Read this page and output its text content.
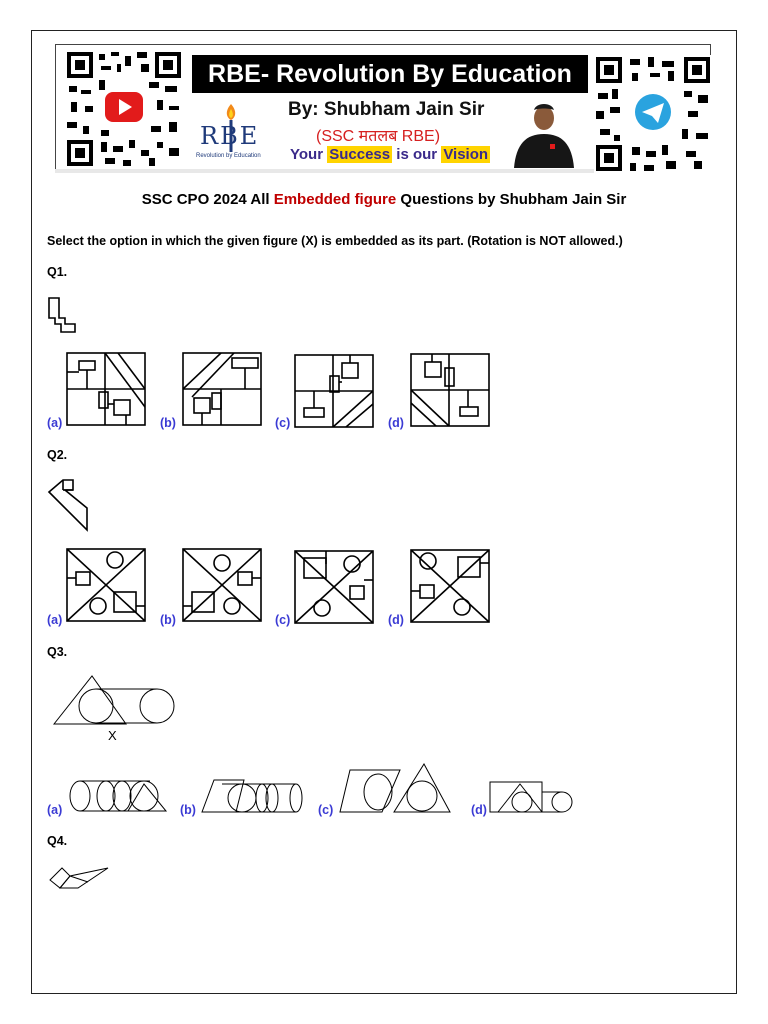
RBE- Revolution By Education
By: Shubham Jain Sir
(SSC मतलब RBE)
Your Success is our Vision
RBE
Revolution by Education
SSC CPO 2024 All Embedded figure Questions by Shubham Jain Sir
Select the option in which the given figure (X) is embedded as its part. (Rotation is NOT allowed.)
Q1.
(a)	(b)	(c)	(d)
Q2.
(a)	(b)	(c)	(d)
Q3.
X
(a)	(b)	(c)	(d)
Q4.
